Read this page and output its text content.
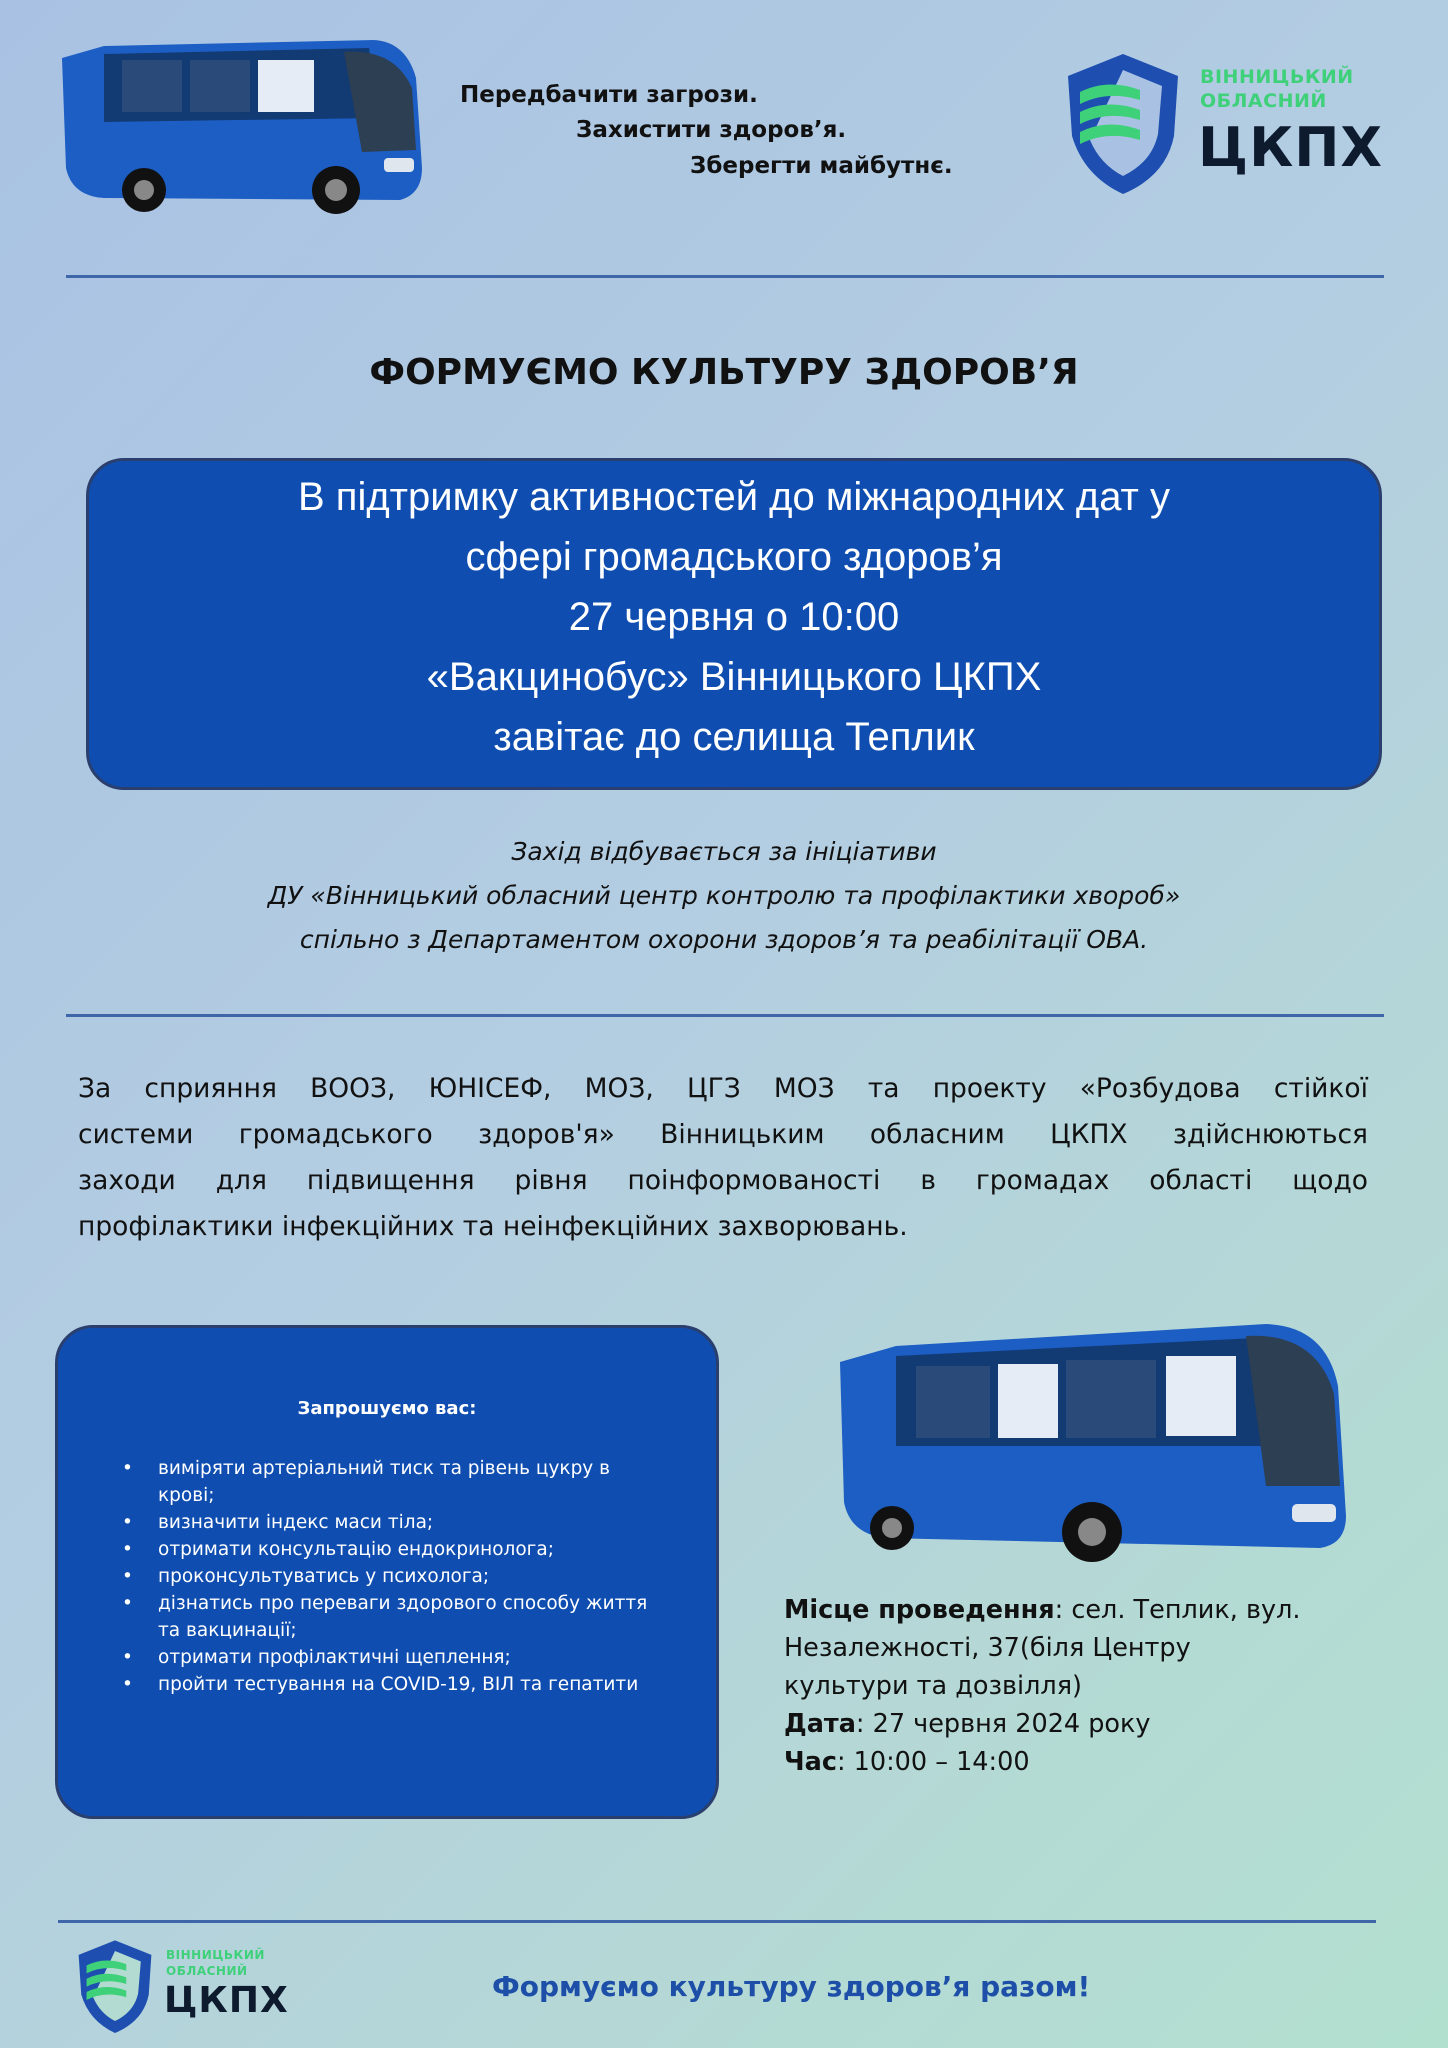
Передбачити загрози.
Захистити здоров’я.
Зберегти майбутнє.
ВІННИЦЬКИЙ
ОБЛАСНИЙ
ЦКПХ
ФОРМУЄМО КУЛЬТУРУ ЗДОРОВ’Я
В підтримку активностей до міжнародних дат у
сфері громадського здоров’я
27 червня о 10:00
«Вакцинобус» Вінницького ЦКПХ
завітає до селища Теплик
Захід відбувається за ініціативи
ДУ «Вінницький обласний центр контролю та профілактики хвороб»
спільно з Департаментом охорони здоров’я та реабілітації ОВА.
За сприяння ВООЗ, ЮНІСЕФ, МОЗ, ЦГЗ МОЗ та проекту «Розбудова стійкої
системи громадського здоров'я» Вінницьким обласним ЦКПХ здійснюються
заходи для підвищення рівня поінформованості в громадах області щодо
профілактики інфекційних та неінфекційних захворювань.
Запрошуємо вас:
• виміряти артеріальний тиск та рівень цукру в крові;
• визначити індекс маси тіла;
• отримати консультацію ендокринолога;
• проконсультуватись у психолога;
• дізнатись про переваги здорового способу життя та вакцинації;
• отримати профілактичні щеплення;
• пройти тестування на COVID-19, ВІЛ та гепатити
Місце проведення: сел. Теплик, вул.
Незалежності, 37(біля Центру
культури та дозвілля)
Дата: 27 червня 2024 року
Час: 10:00 – 14:00
ВІННИЦЬКИЙ
ОБЛАСНИЙ
ЦКПХ	Формуємо культуру здоров’я разом!
